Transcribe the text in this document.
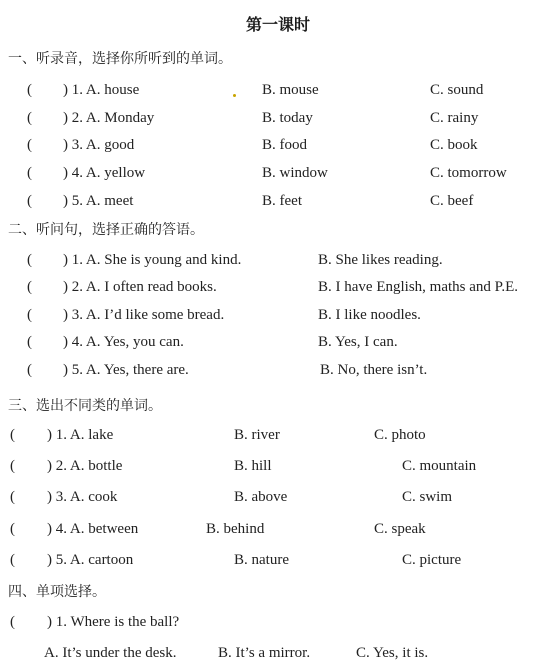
第一课时
一、听录音，选择你所听到的单词。
( ) 1. A. house	B. mouse	C. sound
( ) 2. A. Monday	B. today	C. rainy
( ) 3. A. good	B. food	C. book
( ) 4. A. yellow	B. window	C. tomorrow
( ) 5. A. meet	B. feet	C. beef
二、听问句，选择正确的答语。
( ) 1. A. She is young and kind.	B. She likes reading.
( ) 2. A. I often read books.	B. I have English, maths and P.E.
( ) 3. A. I’d like some bread.	B. I like noodles.
( ) 4. A. Yes, you can.	B. Yes, I can.
( ) 5. A. Yes, there are.	B. No, there isn’t.
三、选出不同类的单词。
( ) 1. A. lake	B. river	C. photo
( ) 2. A. bottle	B. hill	C. mountain
( ) 3. A. cook	B. above	C. swim
( ) 4. A. between	B. behind	C. speak
( ) 5. A. cartoon	B. nature	C. picture
四、单项选择。
( ) 1. Where is the ball?
A. It’s under the desk.	B. It’s a mirror.	C. Yes, it is.
